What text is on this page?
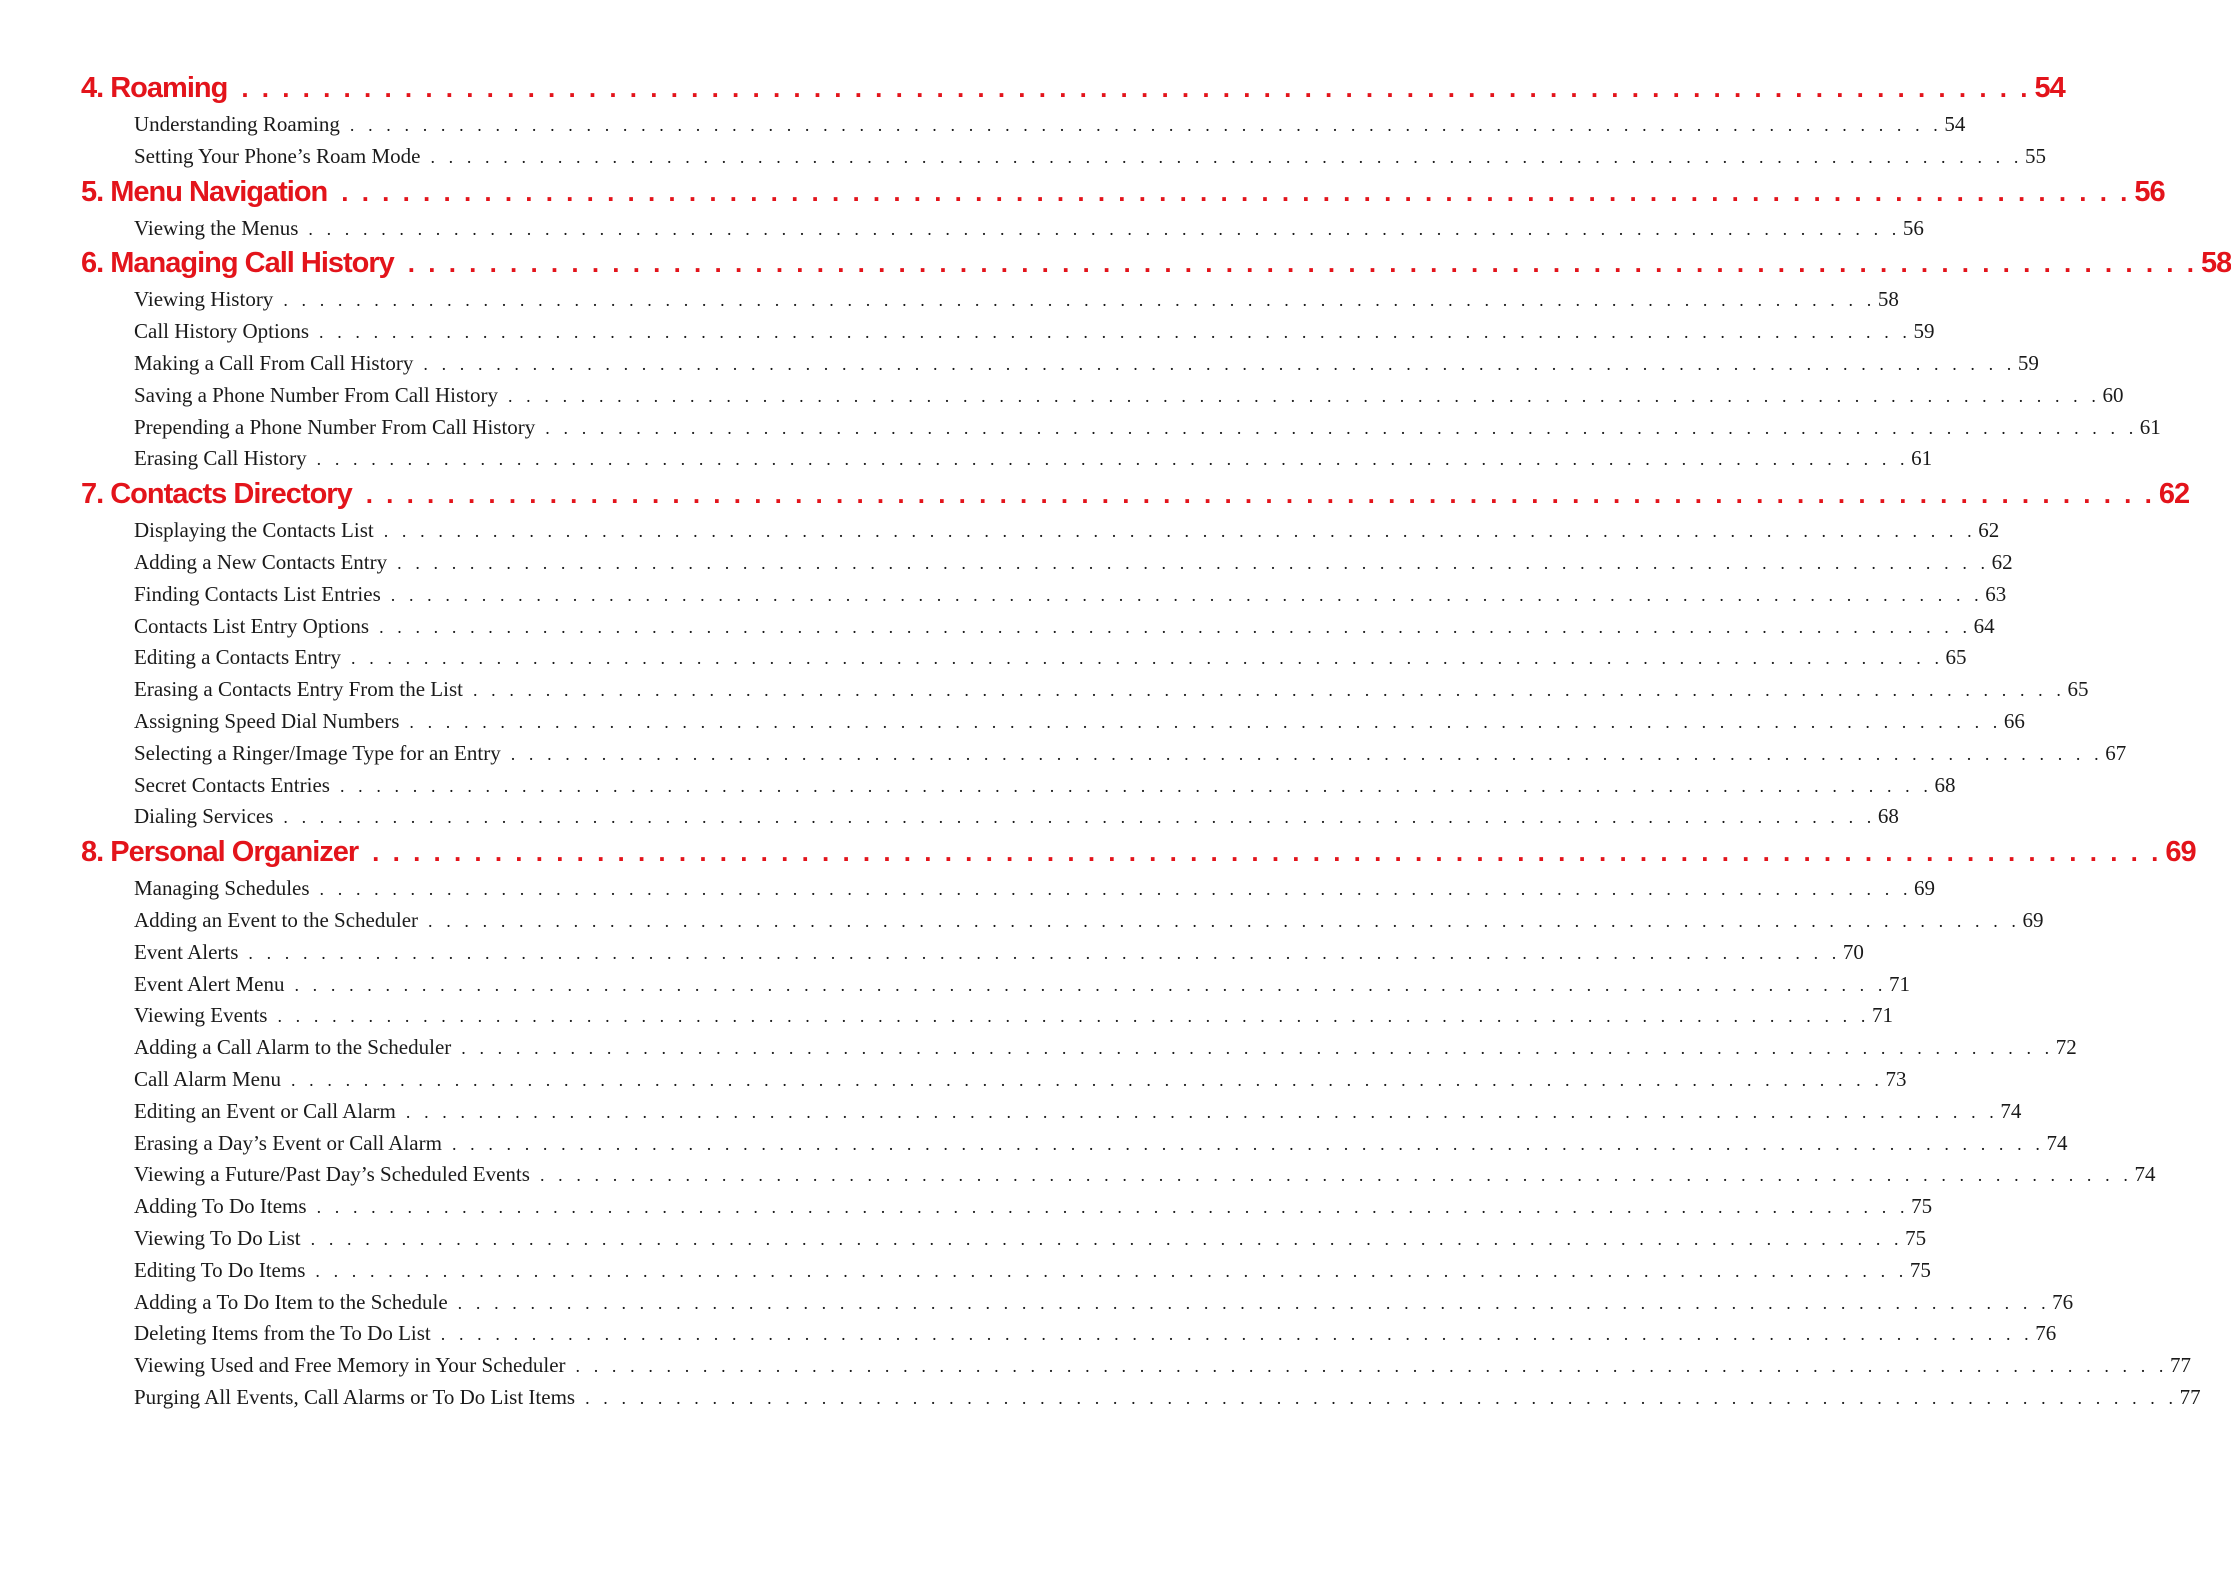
4. Roaming . . . . . . . . . . . . . . . . . . . . . . . . . . . . . . . . . . . . . . . . . . . . . . . . . . . . . . . . . . . . . . . . . . . . . . . . . . . . . . . . . . . . . . . . 54
Understanding Roaming . . . . . . . . . . . . . . . . . . . . . . . . . . . . . . . . . . . . . . . . . . . . . . . . . . . . . . . . . . . . . . . . . . . . . . . . . . . . . . . . . . . . . . . . 54
Setting Your Phone’s Roam Mode . . . . . . . . . . . . . . . . . . . . . . . . . . . . . . . . . . . . . . . . . . . . . . . . . . . . . . . . . . . . . . . . . . . . . . . . . . . . . . . . . . . . . . . . 55
5. Menu Navigation . . . . . . . . . . . . . . . . . . . . . . . . . . . . . . . . . . . . . . . . . . . . . . . . . . . . . . . . . . . . . . . . . . . . . . . . . . . . . . . . . . . . . . . . 56
Viewing the Menus . . . . . . . . . . . . . . . . . . . . . . . . . . . . . . . . . . . . . . . . . . . . . . . . . . . . . . . . . . . . . . . . . . . . . . . . . . . . . . . . . . . . . . . . 56
6. Managing Call History . . . . . . . . . . . . . . . . . . . . . . . . . . . . . . . . . . . . . . . . . . . . . . . . . . . . . . . . . . . . . . . . . . . . . . . . . . . . . . . . . . . . . . . . 58
Viewing History . . . . . . . . . . . . . . . . . . . . . . . . . . . . . . . . . . . . . . . . . . . . . . . . . . . . . . . . . . . . . . . . . . . . . . . . . . . . . . . . . . . . . . . . 58
Call History Options . . . . . . . . . . . . . . . . . . . . . . . . . . . . . . . . . . . . . . . . . . . . . . . . . . . . . . . . . . . . . . . . . . . . . . . . . . . . . . . . . . . . . . . . 59
Making a Call From Call History . . . . . . . . . . . . . . . . . . . . . . . . . . . . . . . . . . . . . . . . . . . . . . . . . . . . . . . . . . . . . . . . . . . . . . . . . . . . . . . . . . . . . . . . 59
Saving a Phone Number From Call History . . . . . . . . . . . . . . . . . . . . . . . . . . . . . . . . . . . . . . . . . . . . . . . . . . . . . . . . . . . . . . . . . . . . . . . . . . . . . . . . . . . . . . . . 60
Prepending a Phone Number From Call History . . . . . . . . . . . . . . . . . . . . . . . . . . . . . . . . . . . . . . . . . . . . . . . . . . . . . . . . . . . . . . . . . . . . . . . . . . . . . . . . . . . . . . . . 61
Erasing Call History . . . . . . . . . . . . . . . . . . . . . . . . . . . . . . . . . . . . . . . . . . . . . . . . . . . . . . . . . . . . . . . . . . . . . . . . . . . . . . . . . . . . . . . . 61
7. Contacts Directory . . . . . . . . . . . . . . . . . . . . . . . . . . . . . . . . . . . . . . . . . . . . . . . . . . . . . . . . . . . . . . . . . . . . . . . . . . . . . . . . . . . . . . . . 62
Displaying the Contacts List . . . . . . . . . . . . . . . . . . . . . . . . . . . . . . . . . . . . . . . . . . . . . . . . . . . . . . . . . . . . . . . . . . . . . . . . . . . . . . . . . . . . . . . . 62
Adding a New Contacts Entry . . . . . . . . . . . . . . . . . . . . . . . . . . . . . . . . . . . . . . . . . . . . . . . . . . . . . . . . . . . . . . . . . . . . . . . . . . . . . . . . . . . . . . . . 62
Finding Contacts List Entries . . . . . . . . . . . . . . . . . . . . . . . . . . . . . . . . . . . . . . . . . . . . . . . . . . . . . . . . . . . . . . . . . . . . . . . . . . . . . . . . . . . . . . . . 63
Contacts List Entry Options . . . . . . . . . . . . . . . . . . . . . . . . . . . . . . . . . . . . . . . . . . . . . . . . . . . . . . . . . . . . . . . . . . . . . . . . . . . . . . . . . . . . . . . . 64
Editing a Contacts Entry . . . . . . . . . . . . . . . . . . . . . . . . . . . . . . . . . . . . . . . . . . . . . . . . . . . . . . . . . . . . . . . . . . . . . . . . . . . . . . . . . . . . . . . . 65
Erasing a Contacts Entry From the List . . . . . . . . . . . . . . . . . . . . . . . . . . . . . . . . . . . . . . . . . . . . . . . . . . . . . . . . . . . . . . . . . . . . . . . . . . . . . . . . . . . . . . . . 65
Assigning Speed Dial Numbers . . . . . . . . . . . . . . . . . . . . . . . . . . . . . . . . . . . . . . . . . . . . . . . . . . . . . . . . . . . . . . . . . . . . . . . . . . . . . . . . . . . . . . . . 66
Selecting a Ringer/Image Type for an Entry . . . . . . . . . . . . . . . . . . . . . . . . . . . . . . . . . . . . . . . . . . . . . . . . . . . . . . . . . . . . . . . . . . . . . . . . . . . . . . . . . . . . . . . . 67
Secret Contacts Entries . . . . . . . . . . . . . . . . . . . . . . . . . . . . . . . . . . . . . . . . . . . . . . . . . . . . . . . . . . . . . . . . . . . . . . . . . . . . . . . . . . . . . . . . 68
Dialing Services . . . . . . . . . . . . . . . . . . . . . . . . . . . . . . . . . . . . . . . . . . . . . . . . . . . . . . . . . . . . . . . . . . . . . . . . . . . . . . . . . . . . . . . . 68
8. Personal Organizer . . . . . . . . . . . . . . . . . . . . . . . . . . . . . . . . . . . . . . . . . . . . . . . . . . . . . . . . . . . . . . . . . . . . . . . . . . . . . . . . . . . . . . . . 69
Managing Schedules . . . . . . . . . . . . . . . . . . . . . . . . . . . . . . . . . . . . . . . . . . . . . . . . . . . . . . . . . . . . . . . . . . . . . . . . . . . . . . . . . . . . . . . . 69
Adding an Event to the Scheduler . . . . . . . . . . . . . . . . . . . . . . . . . . . . . . . . . . . . . . . . . . . . . . . . . . . . . . . . . . . . . . . . . . . . . . . . . . . . . . . . . . . . . . . . 69
Event Alerts . . . . . . . . . . . . . . . . . . . . . . . . . . . . . . . . . . . . . . . . . . . . . . . . . . . . . . . . . . . . . . . . . . . . . . . . . . . . . . . . . . . . . . . . 70
Event Alert Menu . . . . . . . . . . . . . . . . . . . . . . . . . . . . . . . . . . . . . . . . . . . . . . . . . . . . . . . . . . . . . . . . . . . . . . . . . . . . . . . . . . . . . . . . 71
Viewing Events . . . . . . . . . . . . . . . . . . . . . . . . . . . . . . . . . . . . . . . . . . . . . . . . . . . . . . . . . . . . . . . . . . . . . . . . . . . . . . . . . . . . . . . . 71
Adding a Call Alarm to the Scheduler . . . . . . . . . . . . . . . . . . . . . . . . . . . . . . . . . . . . . . . . . . . . . . . . . . . . . . . . . . . . . . . . . . . . . . . . . . . . . . . . . . . . . . . . 72
Call Alarm Menu . . . . . . . . . . . . . . . . . . . . . . . . . . . . . . . . . . . . . . . . . . . . . . . . . . . . . . . . . . . . . . . . . . . . . . . . . . . . . . . . . . . . . . . . 73
Editing an Event or Call Alarm . . . . . . . . . . . . . . . . . . . . . . . . . . . . . . . . . . . . . . . . . . . . . . . . . . . . . . . . . . . . . . . . . . . . . . . . . . . . . . . . . . . . . . . . 74
Erasing a Day’s Event or Call Alarm . . . . . . . . . . . . . . . . . . . . . . . . . . . . . . . . . . . . . . . . . . . . . . . . . . . . . . . . . . . . . . . . . . . . . . . . . . . . . . . . . . . . . . . . 74
Viewing a Future/Past Day’s Scheduled Events . . . . . . . . . . . . . . . . . . . . . . . . . . . . . . . . . . . . . . . . . . . . . . . . . . . . . . . . . . . . . . . . . . . . . . . . . . . . . . . . . . . . . . . . 74
Adding To Do Items . . . . . . . . . . . . . . . . . . . . . . . . . . . . . . . . . . . . . . . . . . . . . . . . . . . . . . . . . . . . . . . . . . . . . . . . . . . . . . . . . . . . . . . . 75
Viewing To Do List . . . . . . . . . . . . . . . . . . . . . . . . . . . . . . . . . . . . . . . . . . . . . . . . . . . . . . . . . . . . . . . . . . . . . . . . . . . . . . . . . . . . . . . . 75
Editing To Do Items . . . . . . . . . . . . . . . . . . . . . . . . . . . . . . . . . . . . . . . . . . . . . . . . . . . . . . . . . . . . . . . . . . . . . . . . . . . . . . . . . . . . . . . . 75
Adding a To Do Item to the Schedule . . . . . . . . . . . . . . . . . . . . . . . . . . . . . . . . . . . . . . . . . . . . . . . . . . . . . . . . . . . . . . . . . . . . . . . . . . . . . . . . . . . . . . . . 76
Deleting Items from the To Do List . . . . . . . . . . . . . . . . . . . . . . . . . . . . . . . . . . . . . . . . . . . . . . . . . . . . . . . . . . . . . . . . . . . . . . . . . . . . . . . . . . . . . . . . 76
Viewing Used and Free Memory in Your Scheduler . . . . . . . . . . . . . . . . . . . . . . . . . . . . . . . . . . . . . . . . . . . . . . . . . . . . . . . . . . . . . . . . . . . . . . . . . . . . . . . . . . . . . . . . 77
Purging All Events, Call Alarms or To Do List Items . . . . . . . . . . . . . . . . . . . . . . . . . . . . . . . . . . . . . . . . . . . . . . . . . . . . . . . . . . . . . . . . . . . . . . . . . . . . . . . . . . . . . . . . 77
